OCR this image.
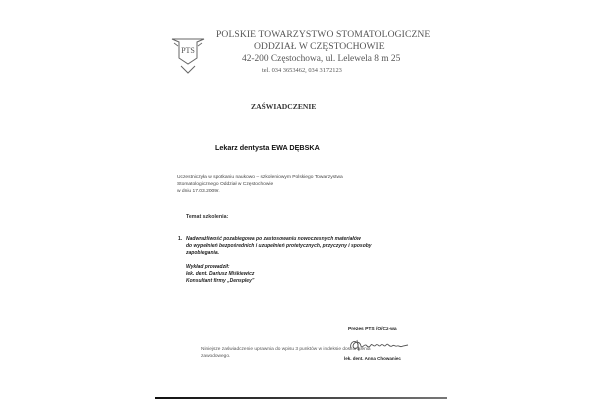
PTS
POLSKIE TOWARZYSTWO STOMATOLOGICZNE
ODDZIAŁ W CZĘSTOCHOWIE
42-200 Częstochowa, ul. Lelewela 8 m 25
tel. 034 3653462, 034 3172123
ZAŚWIADCZENIE
Lekarz dentysta EWA DĘBSKA
Uczestniczyła w spotkaniu naukowo – szkoleniowym Polskiego Towarzystwa
Stomatologicznego Oddział w Częstochowie
w dniu 17.03.2009r.
Temat szkolenia:
1. Nadwrażliwość pozabiegowa po zastosowaniu nowoczesnych materiałów
do wypełnień bezpośrednich i uzupełnień protetycznych, przyczyny i sposoby
zapobiegania.
Wykład prowadził:
lek. dent. Dariusz Miśkiewicz
Konsultant firmy „Denspley”
Prezes PTS /O/Cz-wa
lek. dent. Anna Chowaniec
Niniejsze zaświadczenie uprawnia do wpisu 3 punktów w indeksie doskonalenia
zawodowego.
